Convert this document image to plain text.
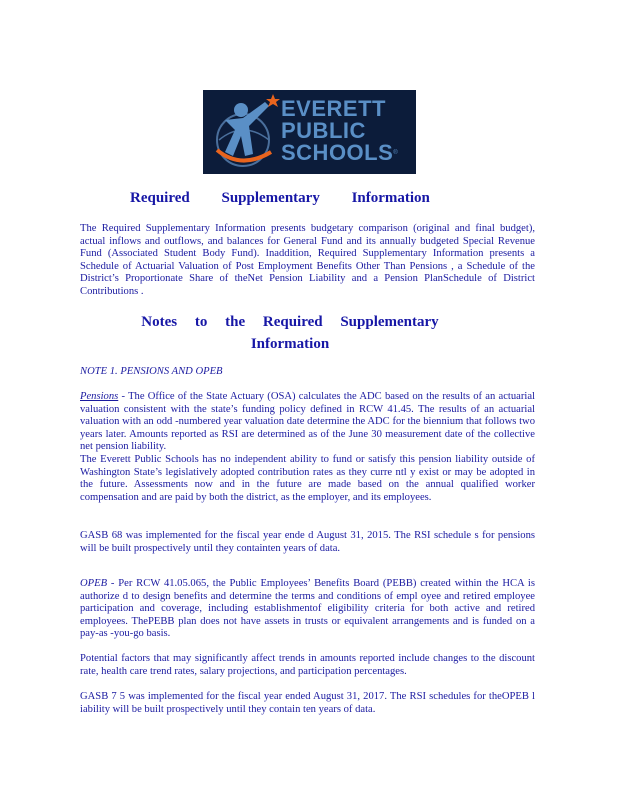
EVERETT
PUBLIC
SCHOOLS®
Required Supplementary Information

The Required Supplementary Information presents budgetary comparison (original and final budget), actual inflows and outflows, and balances for General Fund and its annually budgeted Special Revenue Fund (Associated Student Body Fund). Inaddition, Required Supplementary Information presents a Schedule of Actuarial Valuation of Post Employment Benefits Other Than Pensions , a Schedule of the District’s Proportionate Share of theNet Pension Liability and a Pension PlanSchedule of District Contributions .

Notes to the Required Supplementary
Information
NOTE 1. PENSIONS AND OPEB

Pensions - The Office of the State Actuary (OSA) calculates the ADC based on the results of an actuarial valuation consistent with the state’s funding policy defined in RCW 41.45. The results of an actuarial valuation with an odd -numbered year valuation date determine the ADC for the biennium that follows two years later. Amounts reported as RSI are determined as of the June 30 measurement date of the collective net pension liability.

The Everett Public Schools has no independent ability to fund or satisfy this pension liability outside of Washington State’s legislatively adopted contribution rates as they curre ntl y exist or may be adopted in the future. Assessments now and in the future are made based on the annual qualified worker compensation and are paid by both the district, as the employer, and its employees.

GASB 68 was implemented for the fiscal year ende d August 31, 2015. The RSI schedule s for pensions will be built prospectively until they containten years of data.

OPEB - Per RCW 41.05.065, the Public Employees’ Benefits Board (PEBB) created within the HCA is authorize d to design benefits and determine the terms and conditions of empl oyee and retired employee participation and coverage, including establishmentof eligibility criteria for both active and retired employees. ThePEBB plan does not have assets in trusts or equivalent arrangements and is funded on a pay-as -you-go basis.

Potential factors that may significantly affect trends in amounts reported include changes to the discount rate, health care trend rates, salary projections, and participation percentages.

GASB 7 5 was implemented for the fiscal year ended August 31, 2017. The RSI schedules for theOPEB l iability will be built prospectively until they contain ten years of data.
